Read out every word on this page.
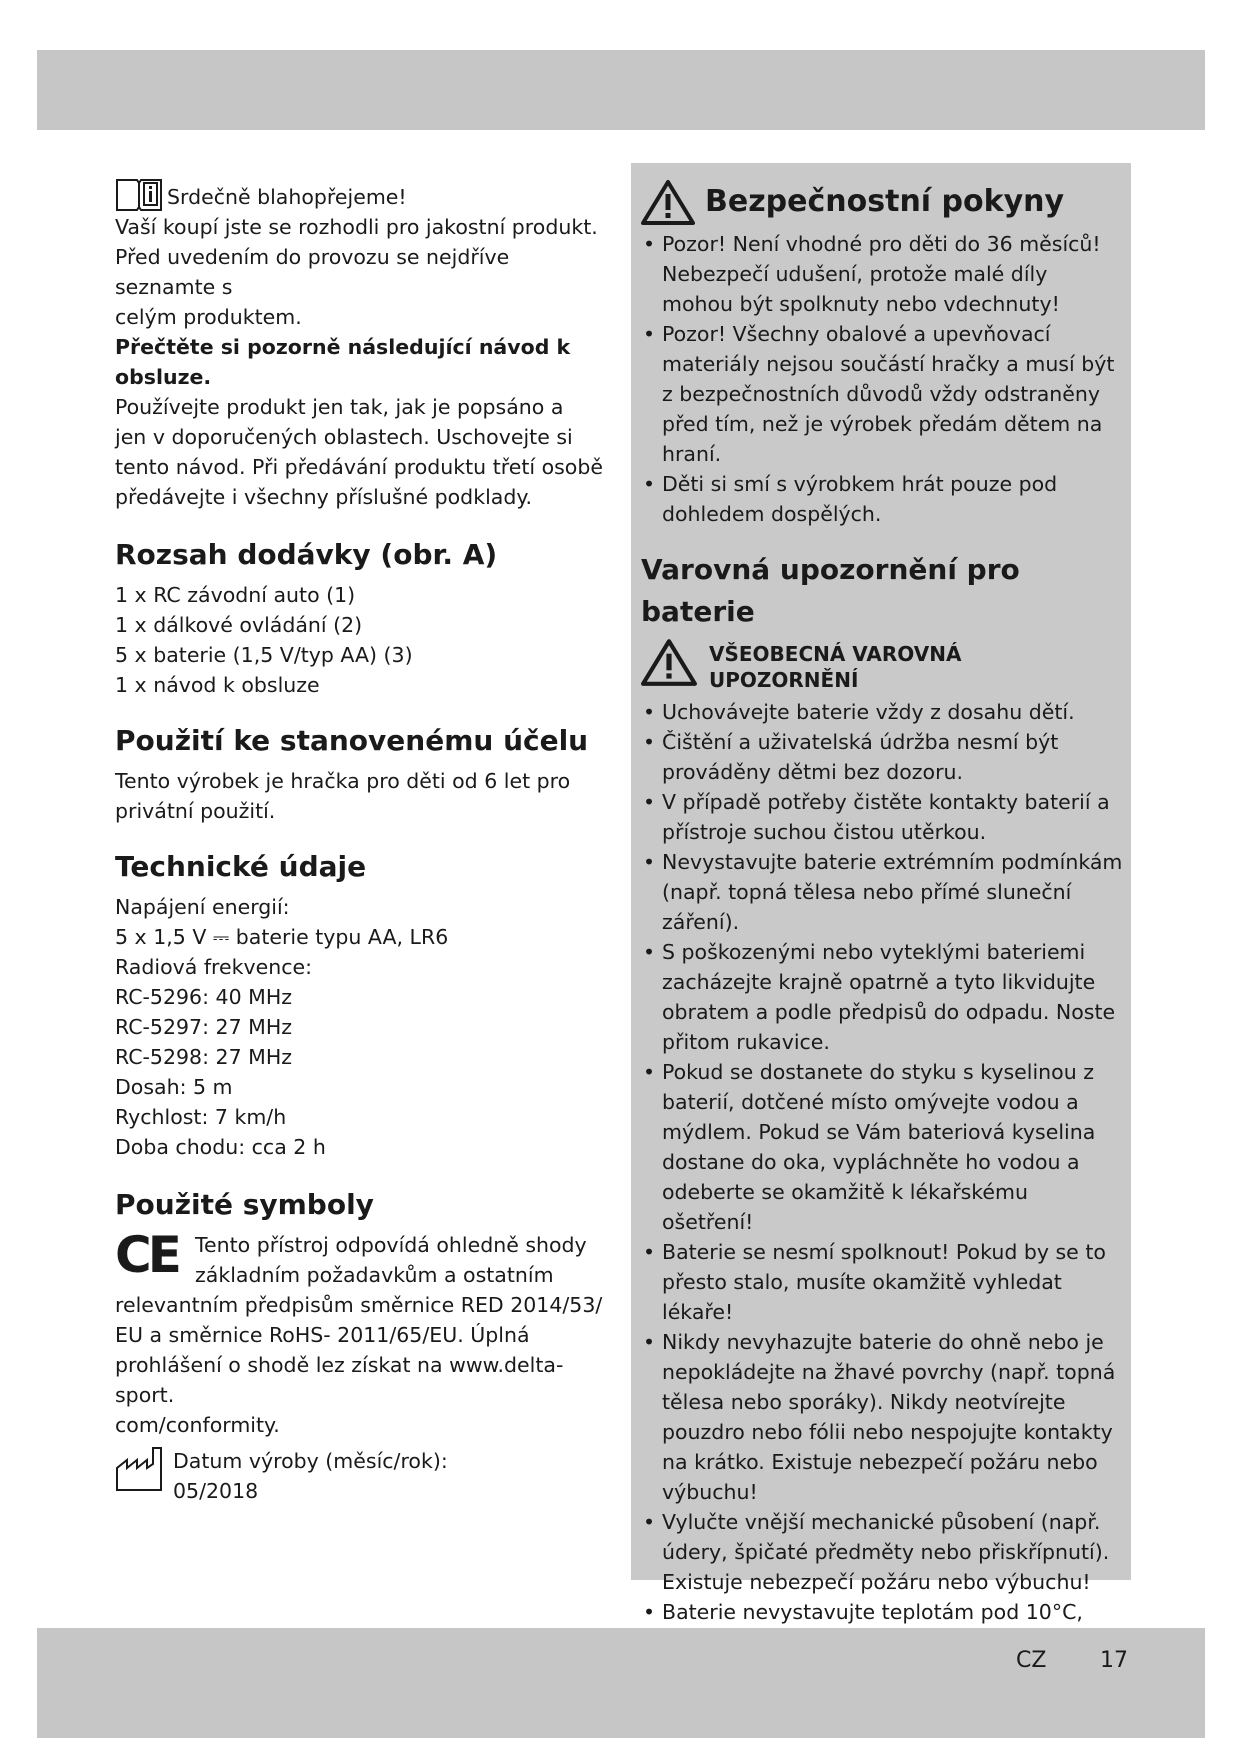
Srdečně blahopřejeme!

Vaší koupí jste se rozhodli pro jakostní produkt.

Před uvedením do provozu se nejdříve seznamte s

celým produktem.

Přečtěte si pozorně následující návod k

obsluze.

Používejte produkt jen tak, jak je popsáno a

jen v doporučených oblastech. Uschovejte si

tento návod. Při předávání produktu třetí osobě

předávejte i všechny příslušné podklady.

Rozsah dodávky (obr. A)
1 x RC závodní auto (1)
1 x dálkové ovládání (2)
5 x baterie (1,5 V/typ AA) (3)
1 x návod k obsluze
Použití ke stanovenému účelu

Tento výrobek je hračka pro děti od 6 let pro

privátní použití.

Technické údaje
Napájení energií:
5 x 1,5 V ⎓ baterie typu AA, LR6
Radiová frekvence:
RC-5296: 40 MHz
RC-5297: 27 MHz
RC-5298: 27 MHz
Dosah: 5 m
Rychlost: 7 km/h
Doba chodu: cca 2 h
Použité symboly
CE Tento přístroj odpovídá ohledně shody

základním požadavkům a ostatním

relevantním předpisům směrnice RED 2014/53/

EU a směrnice RoHS- 2011/65/EU. Úplná

prohlášení o shodě lez získat na www.delta-sport.

com/conformity.

Datum výroby (měsíc/rok):

05/2018

Bezpečnostní pokyny
• Pozor! Není vhodné pro děti do 36 měsíců! Nebezpečí udušení, protože malé díly mohou být spolknuty nebo vdechnuty!
• Pozor! Všechny obalové a upevňovací materiály nejsou součástí hračky a musí být z bezpečnostních důvodů vždy odstraněny před tím, než je výrobek předám dětem na hraní.
• Děti si smí s výrobkem hrát pouze pod dohledem dospělých.
Varovná upozornění pro
baterie
VŠEOBECNÁ VAROVNÁ
UPOZORNĚNÍ
• Uchovávejte baterie vždy z dosahu dětí.
• Čištění a uživatelská údržba nesmí být prováděny dětmi bez dozoru.
• V případě potřeby čistěte kontakty baterií a přístroje suchou čistou utěrkou.
• Nevystavujte baterie extrémním podmínkám (např. topná tělesa nebo přímé sluneční záření).
• S poškozenými nebo vyteklými bateriemi zacházejte krajně opatrně a tyto likvidujte obratem a podle předpisů do odpadu. Noste přitom rukavice.
• Pokud se dostanete do styku s kyselinou z baterií, dotčené místo omývejte vodou a mýdlem. Pokud se Vám bateriová kyselina dostane do oka, vypláchněte ho vodou a odeberte se okamžitě k lékařskému ošetření!
• Baterie se nesmí spolknout! Pokud by se to přesto stalo, musíte okamžitě vyhledat lékaře!
• Nikdy nevyhazujte baterie do ohně nebo je nepokládejte na žhavé povrchy (např. topná tělesa nebo sporáky). Nikdy neotvírejte pouzdro nebo fólii nebo nespojujte kontakty na krátko. Existuje nebezpečí požáru nebo výbuchu!
• Vylučte vnější mechanické působení (např. údery, špičaté předměty nebo přiskřípnutí). Existuje nebezpečí požáru nebo výbuchu!
• Baterie nevystavujte teplotám pod 10°C,
CZ 17
